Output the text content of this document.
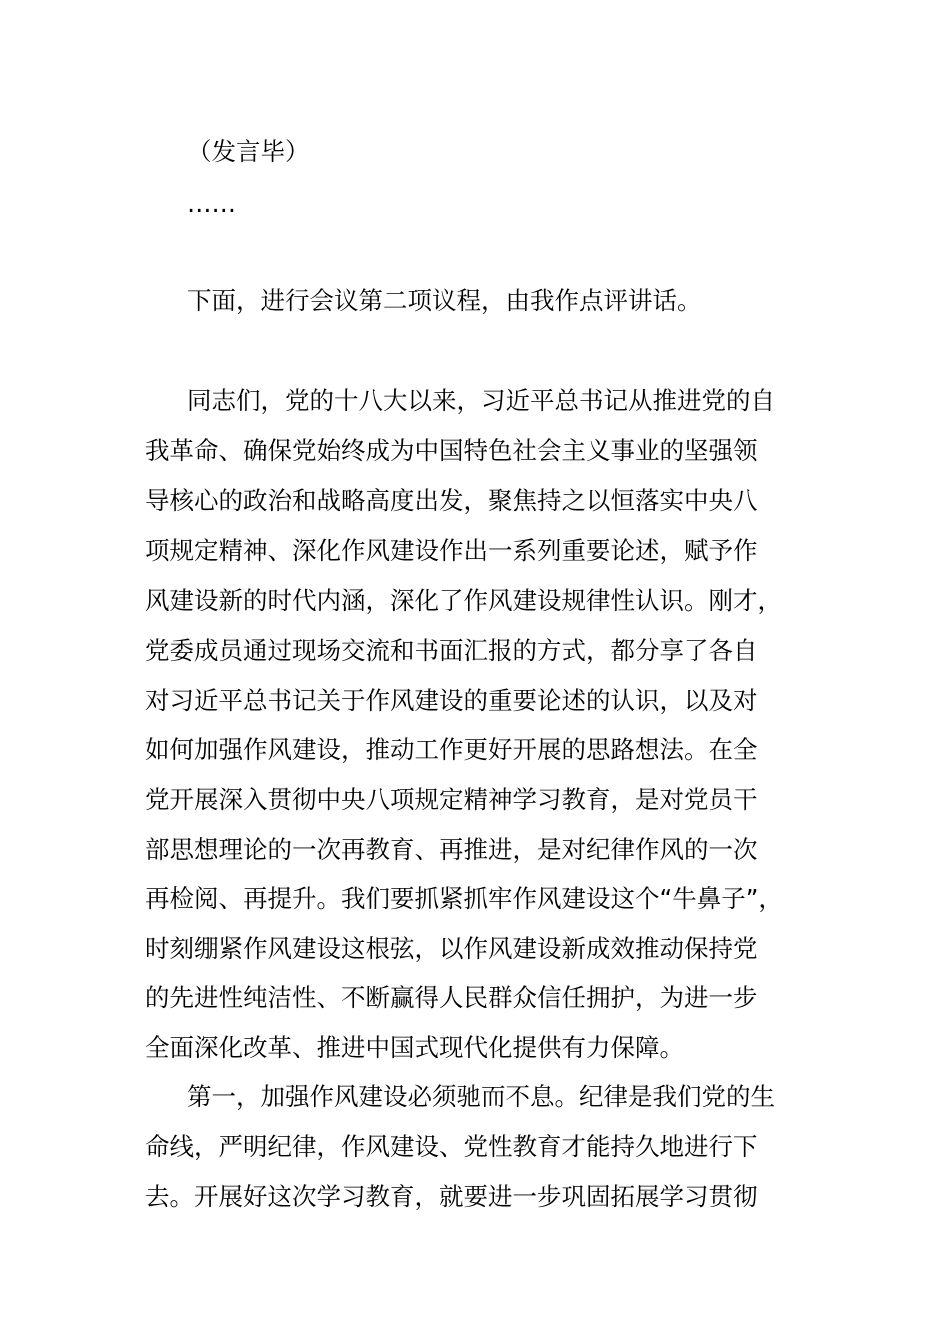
（发言毕）
……
下面，进行会议第二项议程，由我作点评讲话。
同志们，党的十八大以来，习近平总书记从推进党的自
我革命、确保党始终成为中国特色社会主义事业的坚强领
导核心的政治和战略高度出发，聚焦持之以恒落实中央八
项规定精神、深化作风建设作出一系列重要论述，赋予作
风建设新的时代内涵，深化了作风建设规律性认识。刚才，
党委成员通过现场交流和书面汇报的方式，都分享了各自
对习近平总书记关于作风建设的重要论述的认识，以及对
如何加强作风建设，推动工作更好开展的思路想法。在全
党开展深入贯彻中央八项规定精神学习教育，是对党员干
部思想理论的一次再教育、再推进，是对纪律作风的一次
再检阅、再提升。我们要抓紧抓牢作风建设这个“牛鼻子”，
时刻绷紧作风建设这根弦，以作风建设新成效推动保持党
的先进性纯洁性、不断赢得人民群众信任拥护，为进一步
全面深化改革、推进中国式现代化提供有力保障。
第一，加强作风建设必须驰而不息。纪律是我们党的生
命线，严明纪律，作风建设、党性教育才能持久地进行下
去。开展好这次学习教育，就要进一步巩固拓展学习贯彻
